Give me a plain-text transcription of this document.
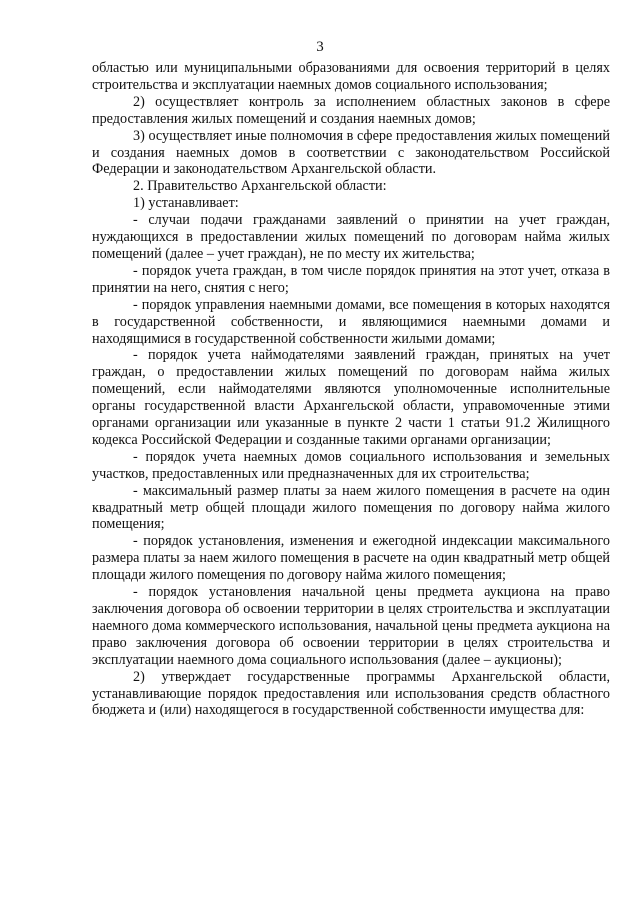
3

областью или муниципальными образованиями для освоения территорий в целях строительства и эксплуатации наемных домов социального использования;

2) осуществляет контроль за исполнением областных законов в сфере предоставления жилых помещений и создания наемных домов;

3) осуществляет иные полномочия в сфере предоставления жилых помещений и создания наемных домов в соответствии с законодательством Российской Федерации и законодательством Архангельской области.

2. Правительство Архангельской области:

1) устанавливает:

- случаи подачи гражданами заявлений о принятии на учет граждан, нуждающихся в предоставлении жилых помещений по договорам найма жилых помещений (далее – учет граждан), не по месту их жительства;

- порядок учета граждан, в том числе порядок принятия на этот учет, отказа в принятии на него, снятия с него;

- порядок управления наемными домами, все помещения в которых находятся в государственной собственности, и являющимися наемными домами и находящимися в государственной собственности жилыми домами;

- порядок учета наймодателями заявлений граждан, принятых на учет граждан, о предоставлении жилых помещений по договорам найма жилых помещений, если наймодателями являются уполномоченные исполнительные органы государственной власти Архангельской области, управомоченные этими органами организации или указанные в пункте 2 части 1 статьи 91.2 Жилищного кодекса Российской Федерации и созданные такими органами организации;

- порядок учета наемных домов социального использования и земельных участков, предоставленных или предназначенных для их строительства;

- максимальный размер платы за наем жилого помещения в расчете на один квадратный метр общей площади жилого помещения по договору найма жилого помещения;

- порядок установления, изменения и ежегодной индексации максимального размера платы за наем жилого помещения в расчете на один квадратный метр общей площади жилого помещения по договору найма жилого помещения;

- порядок установления начальной цены предмета аукциона на право заключения договора об освоении территории в целях строительства и эксплуатации наемного дома коммерческого использования, начальной цены предмета аукциона на право заключения договора об освоении территории в целях строительства и эксплуатации наемного дома социального использования (далее – аукционы);

2) утверждает государственные программы Архангельской области, устанавливающие порядок предоставления или использования средств областного бюджета и (или) находящегося в государственной собственности имущества для:
